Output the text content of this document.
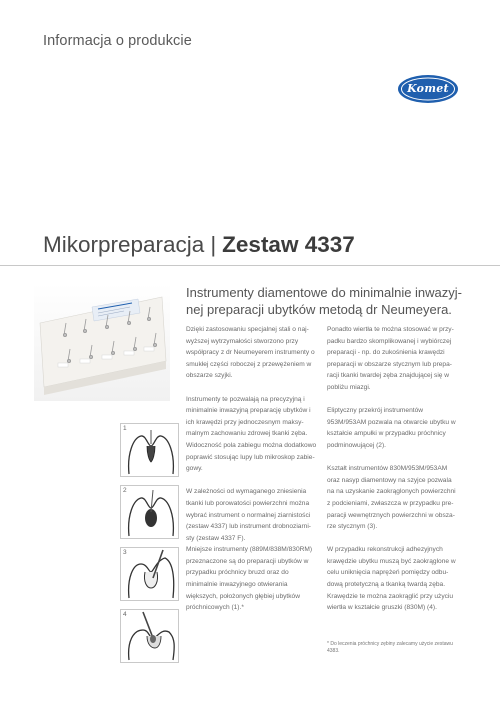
Informacja o produkcie
Komet
Mikorpreparacja | Zestaw 4337
Instrumenty diamentowe do minimalnie inwazyj-nej preparacji ubytków metodą dr Neumeyera.

Dzięki zastosowaniu specjalnej stali o naj-wyższej wytrzymałości stworzono przy współpracy z dr Neumeyerem instrumenty o smukłej części roboczej z przewężeniem w obszarze szyjki.

Instrumenty te pozwalają na precyzyjną i minimalnie inwazyjną preparację ubytków i ich krawędzi przy jednoczesnym maksy-malnym zachowaniu zdrowej tkanki zęba. Widoczność pola zabiegu można dodatkowo poprawić stosując lupy lub mikroskop zabie-gowy.

W zależności od wymaganego zniesienia tkanki lub porowatości powierzchni można wybrać instrument o normalnej ziarnistości (zestaw 4337) lub instrument drobnoziarni-sty (zestaw 4337 F).
Mniejsze instrumenty (889M/838M/830RM) przeznaczone są do preparacji ubytków w przypadku próchnicy bruzd oraz do minimalnie inwazyjnego otwierania większych, położonych głębiej ubytków próchnicowych (1).*

Ponadto wiertła te można stosować w przy-padku bardzo skomplikowanej i wybiórczej preparacji - np. do zukośnienia krawędzi preparacji w obszarze stycznym lub prepa-racji tkanki twardej zęba znajdującej się w pobliżu miazgi.

Eliptyczny przekrój instrumentów 953M/953AM pozwala na otwarcie ubytku w kształcie ampułki w przypadku próchnicy podminowującej (2).

Kształt instrumentów 830M/953M/953AM oraz nasyp diamentowy na szyjce pozwala na na uzyskanie zaokrąglonych powierzchni z podcieniami, zwłaszcza w przypadku pre-paracji wewnętrznych powierzchni w obsza-rze stycznym (3).

W przypadku rekonstrukcji adhezyjnych krawędzie ubytku muszą być zaokrąglone w celu uniknięcia naprężeń pomiędzy odbu-dową protetyczną a tkanką twardą zęba. Krawędzie te można zaokrąglić przy użyciu wiertła w kształcie gruszki (830M) (4).

* Do leczenia próchnicy zębiny zalecamy użycie zestawu 4383.
1
2
3
4
